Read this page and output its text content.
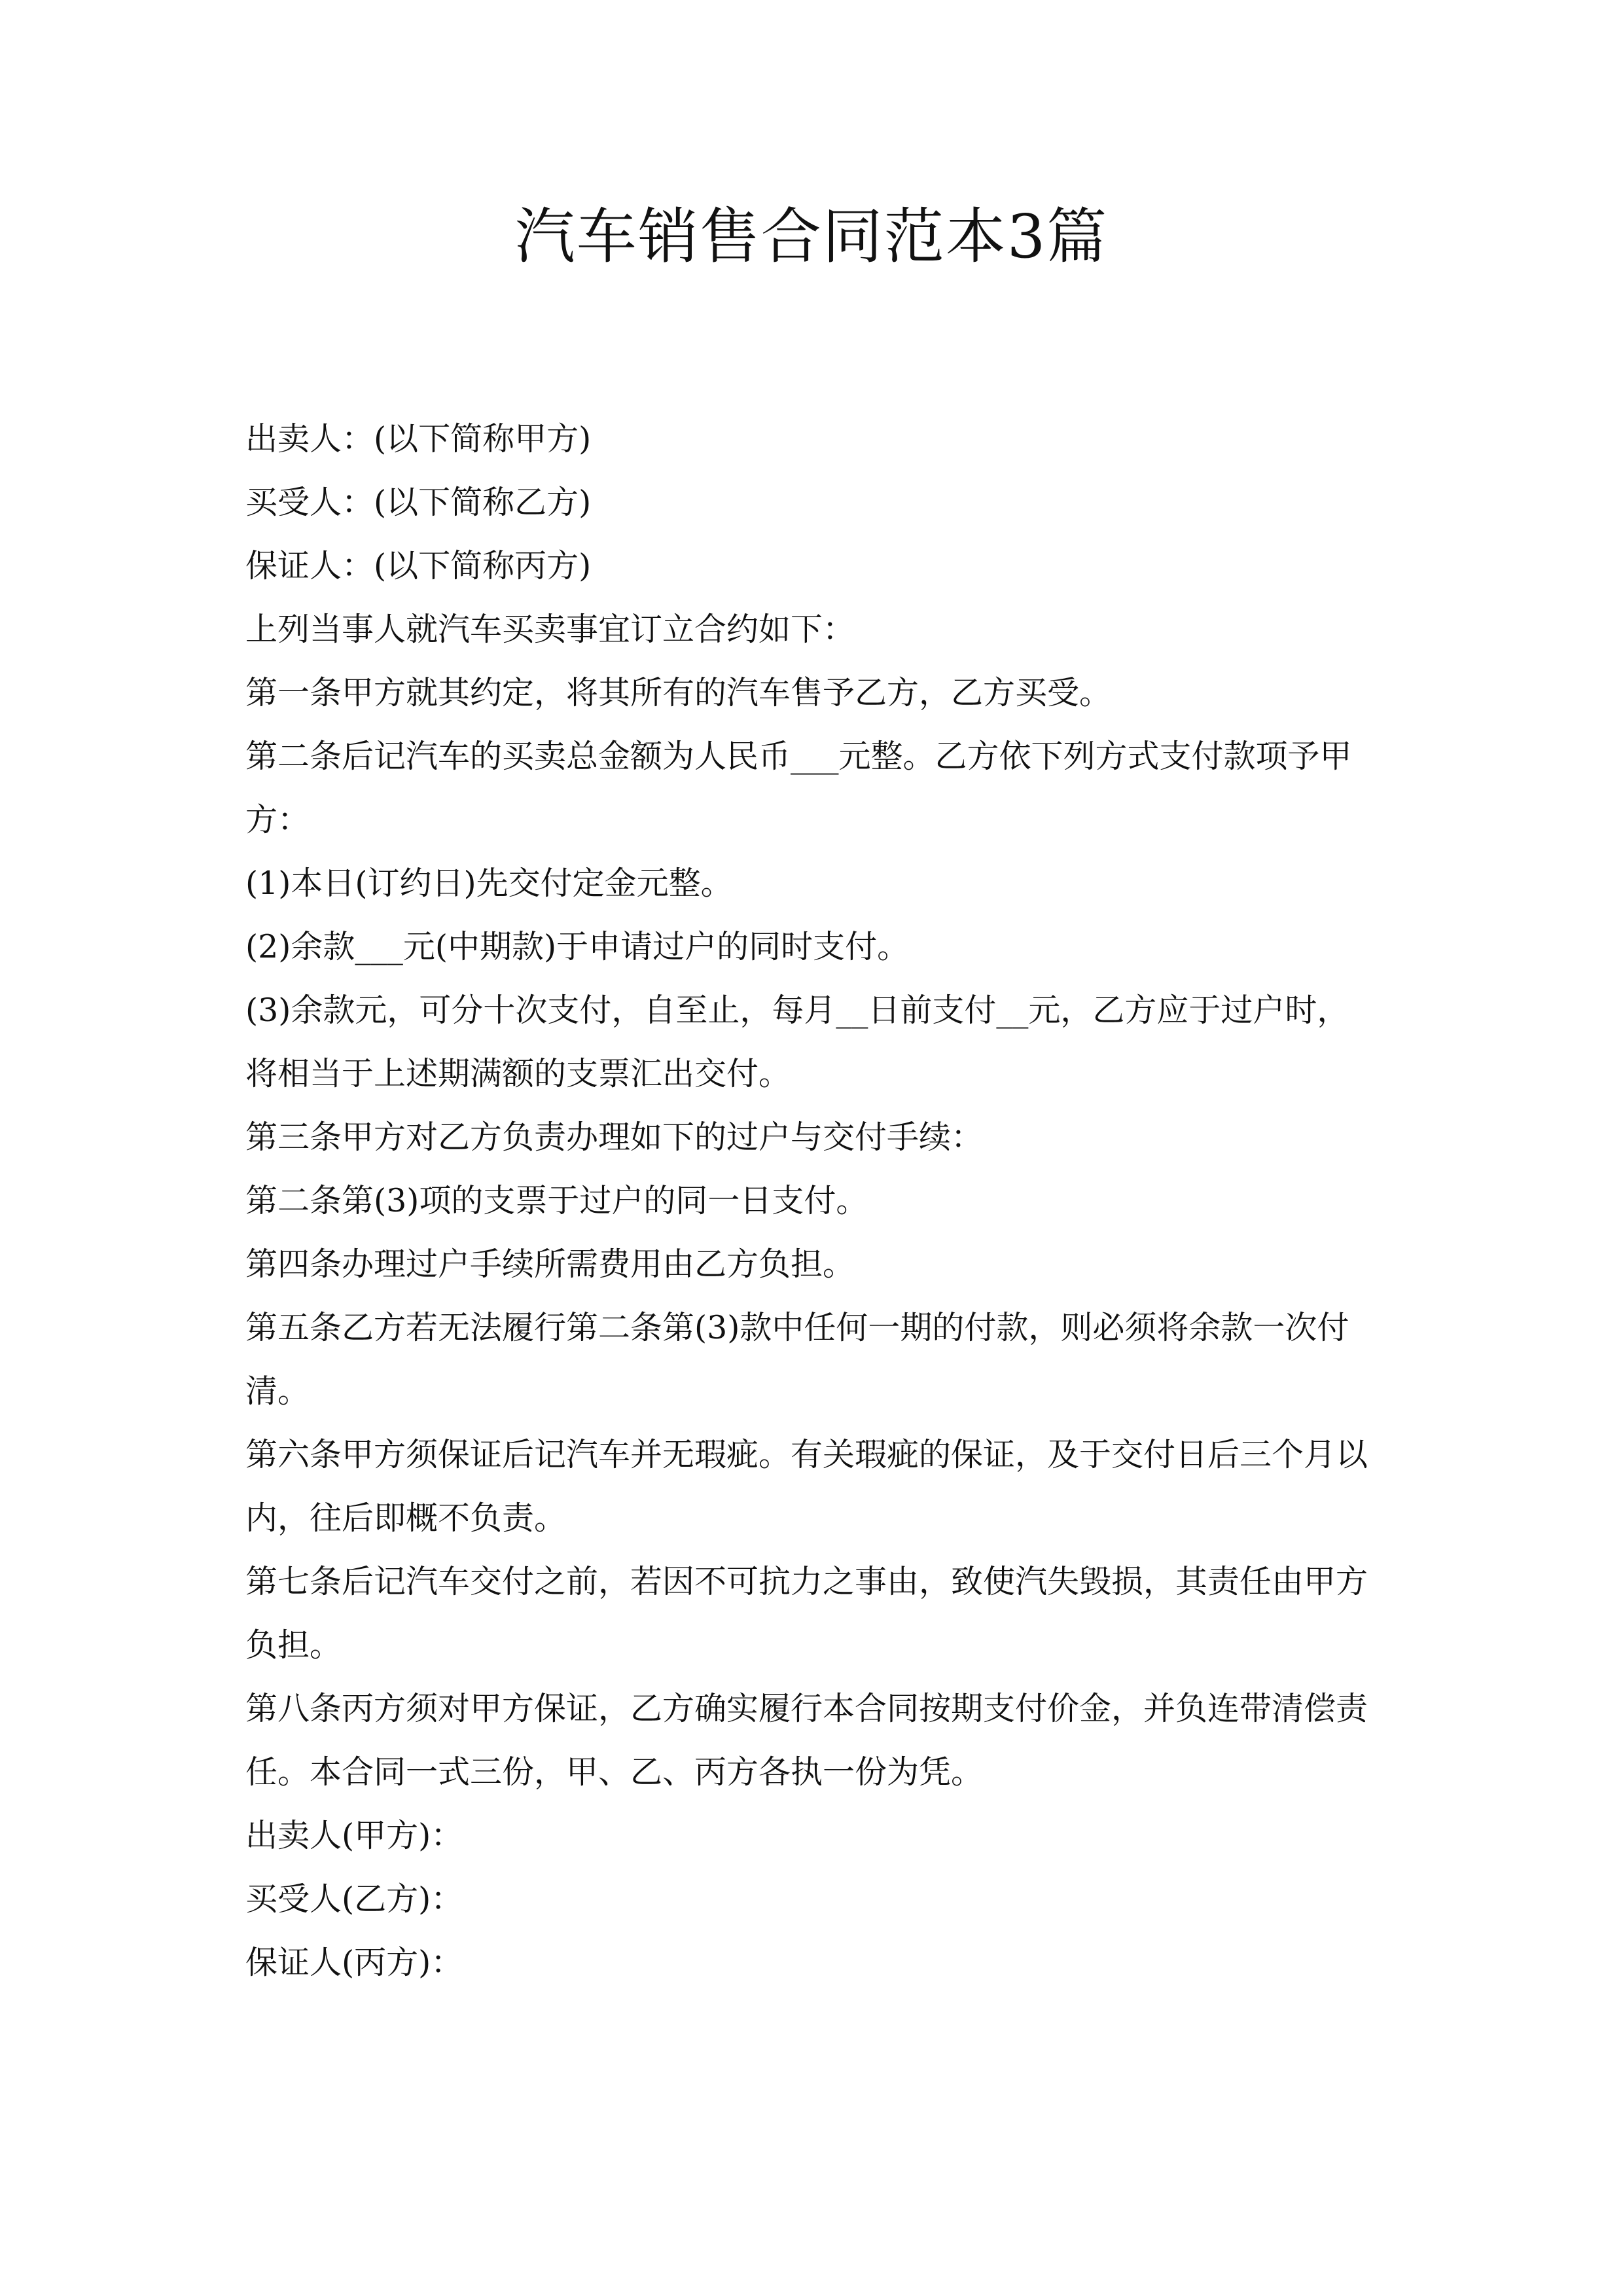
汽车销售合同范本3篇
出卖人：(以下简称甲方)
买受人：(以下简称乙方)
保证人：(以下简称丙方)
上列当事人就汽车买卖事宜订立合约如下：
第一条甲方就其约定，将其所有的汽车售予乙方，乙方买受。
第二条后记汽车的买卖总金额为人民币___元整。乙方依下列方式支付款项予甲
方：
(1)本日(订约日)先交付定金元整。
(2)余款___元(中期款)于申请过户的同时支付。
(3)余款元，可分十次支付，自至止，每月__日前支付__元，乙方应于过户时，
将相当于上述期满额的支票汇出交付。
第三条甲方对乙方负责办理如下的过户与交付手续：
第二条第(3)项的支票于过户的同一日支付。
第四条办理过户手续所需费用由乙方负担。
第五条乙方若无法履行第二条第(3)款中任何一期的付款，则必须将余款一次付
清。
第六条甲方须保证后记汽车并无瑕疵。有关瑕疵的保证，及于交付日后三个月以
内，往后即概不负责。
第七条后记汽车交付之前，若因不可抗力之事由，致使汽失毁损，其责任由甲方
负担。
第八条丙方须对甲方保证，乙方确实履行本合同按期支付价金，并负连带清偿责
任。本合同一式三份，甲、乙、丙方各执一份为凭。
出卖人(甲方)：
买受人(乙方)：
保证人(丙方)：
